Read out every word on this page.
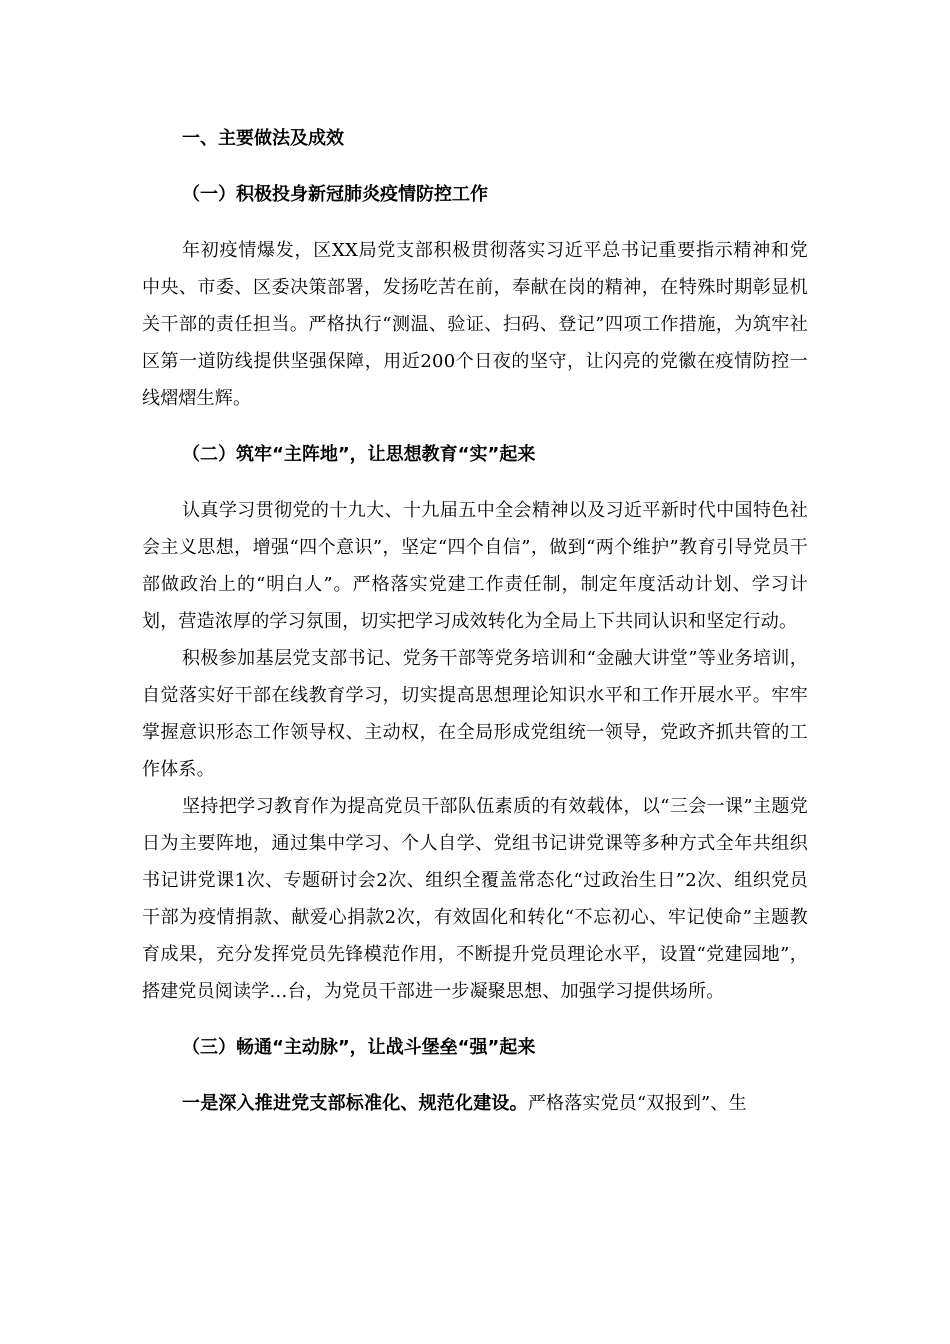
一、主要做法及成效
（一）积极投身新冠肺炎疫情防控工作

年初疫情爆发，区XX局党支部积极贯彻落实习近平总书记重要指示精神和党中央、市委、区委决策部署，发扬吃苦在前，奉献在岗的精神，在特殊时期彰显机关干部的责任担当。严格执行“测温、验证、扫码、登记”四项工作措施，为筑牢社区第一道防线提供坚强保障，用近200个日夜的坚守，让闪亮的党徽在疫情防控一线熠熠生辉。

（二）筑牢“主阵地”，让思想教育“实”起来

认真学习贯彻党的十九大、十九届五中全会精神以及习近平新时代中国特色社会主义思想，增强“四个意识”，坚定“四个自信”，做到“两个维护”教育引导党员干部做政治上的“明白人”。严格落实党建工作责任制，制定年度活动计划、学习计划，营造浓厚的学习氛围，切实把学习成效转化为全局上下共同认识和坚定行动。

积极参加基层党支部书记、党务干部等党务培训和“金融大讲堂”等业务培训，自觉落实好干部在线教育学习，切实提高思想理论知识水平和工作开展水平。牢牢掌握意识形态工作领导权、主动权，在全局形成党组统一领导，党政齐抓共管的工作体系。

坚持把学习教育作为提高党员干部队伍素质的有效载体，以“三会一课”主题党日为主要阵地，通过集中学习、个人自学、党组书记讲党课等多种方式全年共组织书记讲党课1次、专题研讨会2次、组织全覆盖常态化“过政治生日”2次、组织党员干部为疫情捐款、献爱心捐款2次，有效固化和转化“不忘初心、牢记使命”主题教育成果，充分发挥党员先锋模范作用，不断提升党员理论水平，设置“党建园地”，搭建党员阅读学…台，为党员干部进一步凝聚思想、加强学习提供场所。

（三）畅通“主动脉”，让战斗堡垒“强”起来

一是深入推进党支部标准化、规范化建设。严格落实党员“双报到”、生
